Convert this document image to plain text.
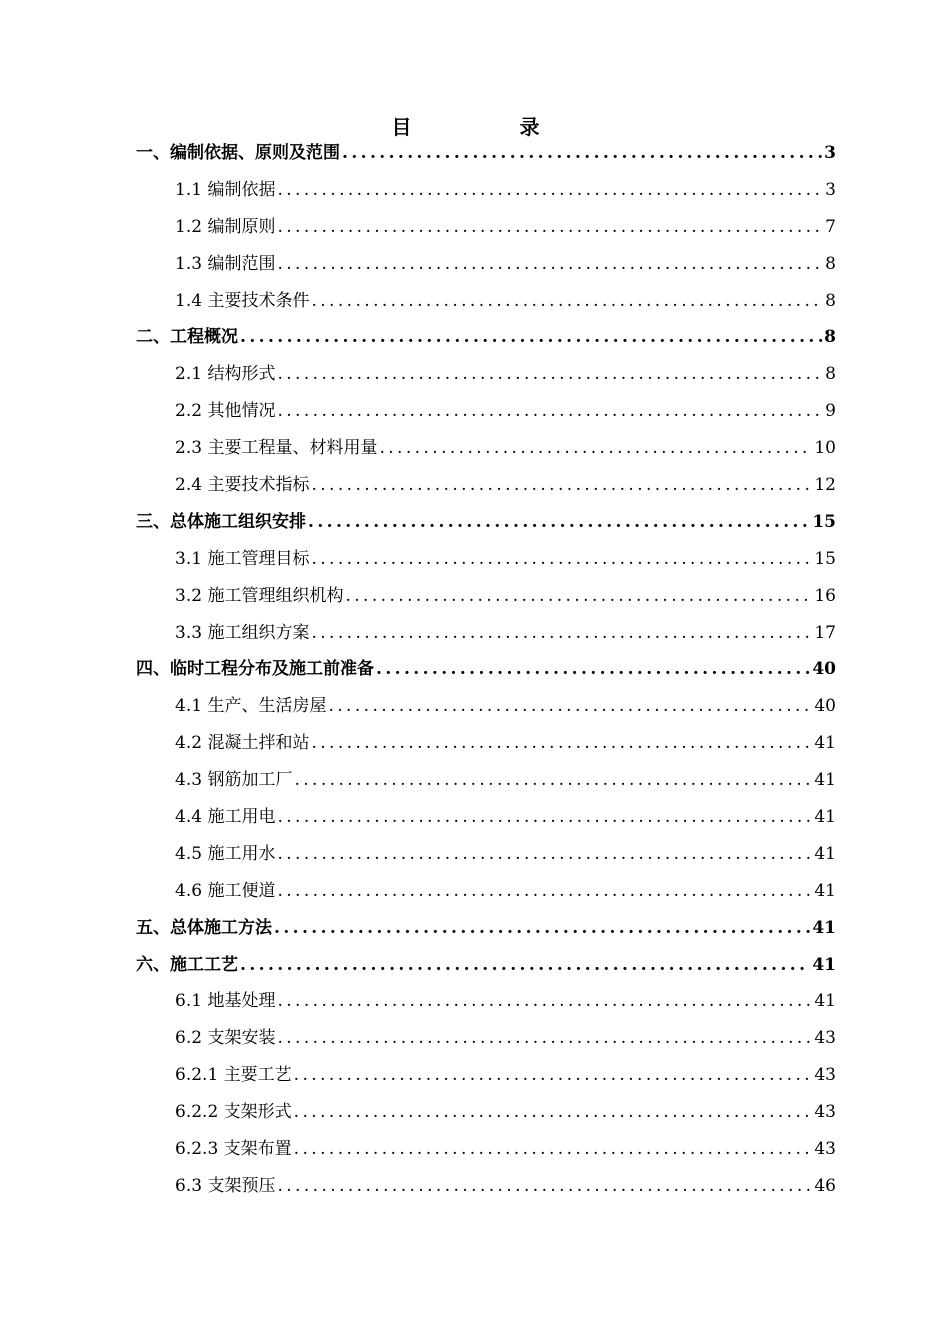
目　录
一、编制依据、原则及范围 .....	3
1.1 编制依据 .....	3
1.2 编制原则 .....	7
1.3 编制范围 .....	8
1.4 主要技术条件 .....	8
二、工程概况 .....	8
2.1 结构形式 .....	8
2.2 其他情况 .....	9
2.3 主要工程量、材料用量 .....	10
2.4 主要技术指标 .....	12
三、总体施工组织安排 .....	15
3.1 施工管理目标 .....	15
3.2 施工管理组织机构 .....	16
3.3 施工组织方案 .....	17
四、临时工程分布及施工前准备 .....	40
4.1 生产、生活房屋 .....	40
4.2 混凝土拌和站 .....	41
4.3 钢筋加工厂 .....	41
4.4 施工用电 .....	41
4.5 施工用水 .....	41
4.6 施工便道 .....	41
五、总体施工方法 .....	41
六、施工工艺 .....	41
6.1 地基处理 .....	41
6.2 支架安装 .....	43
6.2.1 主要工艺 .....	43
6.2.2 支架形式 .....	43
6.2.3 支架布置 .....	43
6.3 支架预压 .....	46
